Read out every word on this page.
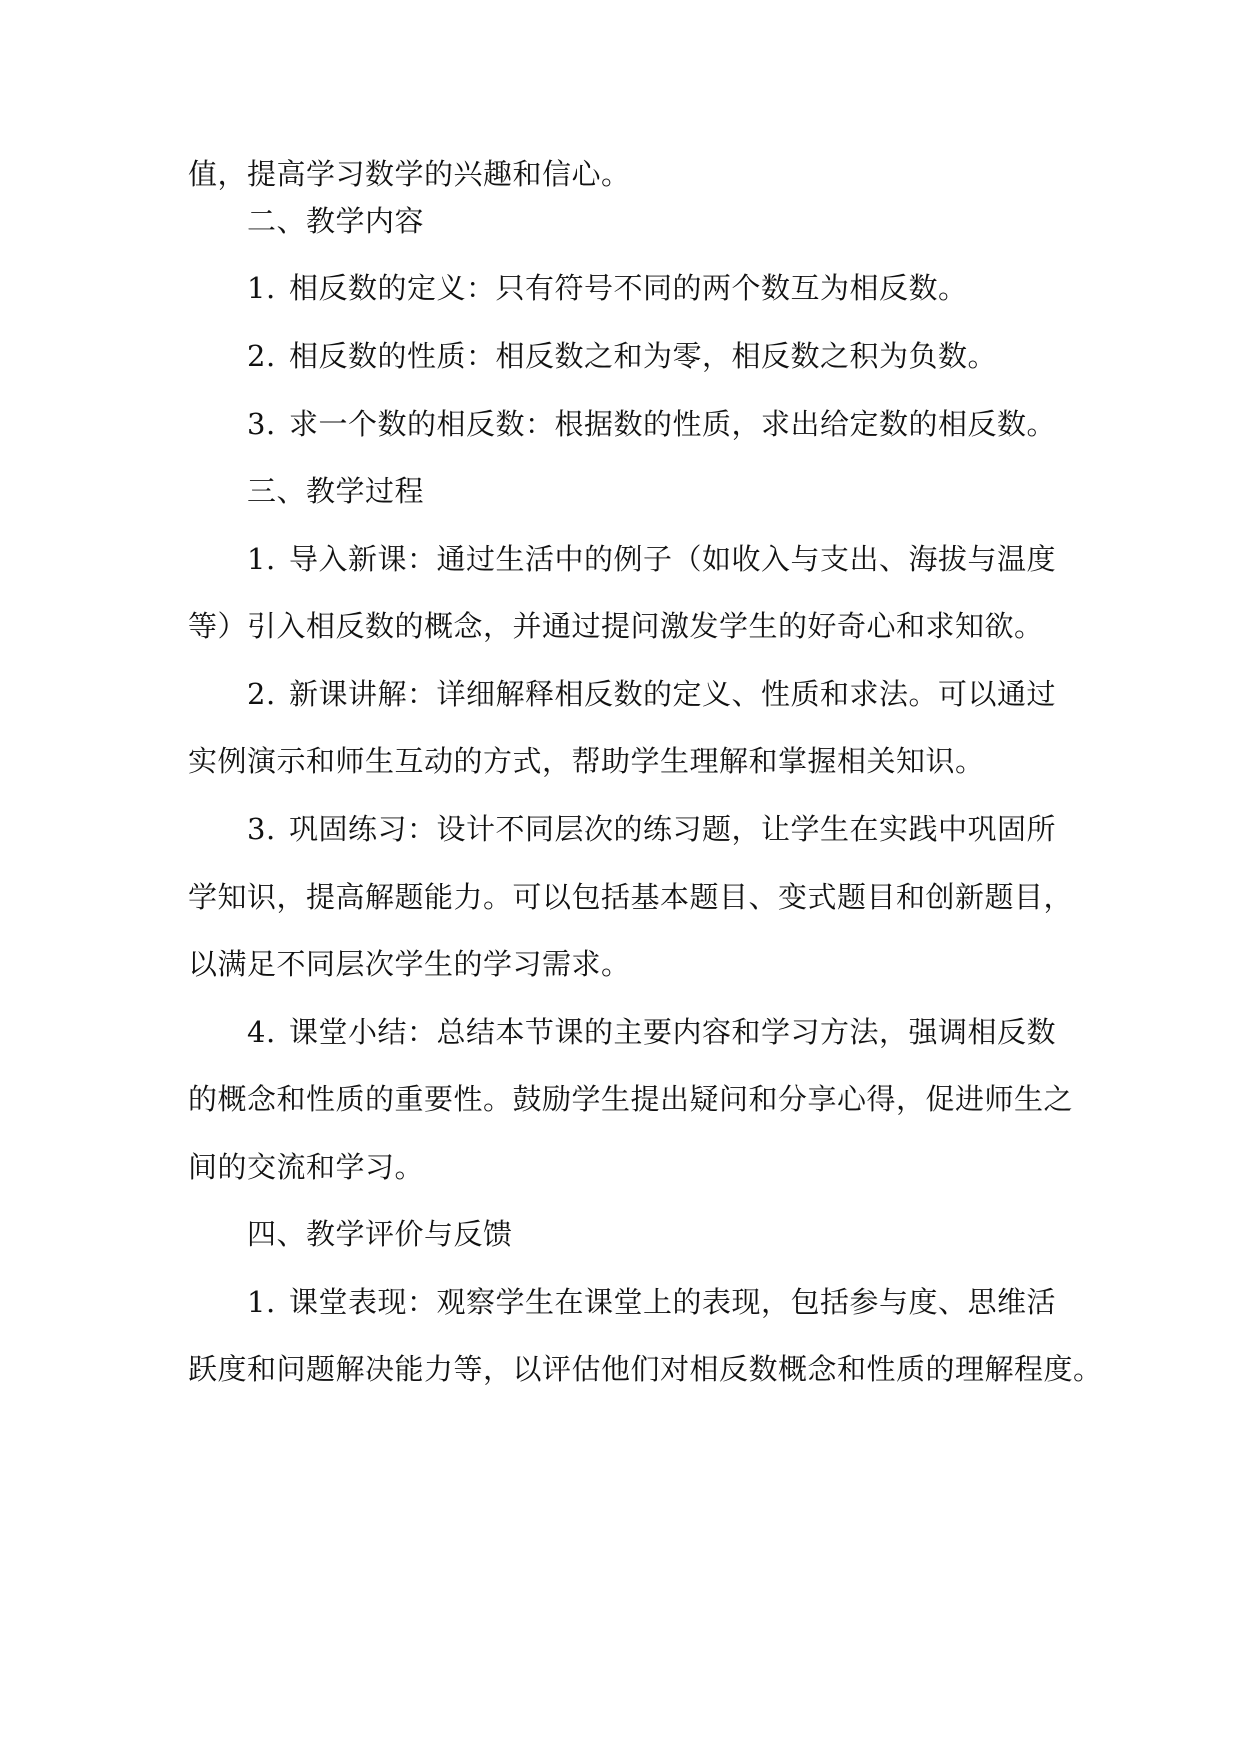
值，提高学习数学的兴趣和信心。
二、教学内容
1. 相反数的定义：只有符号不同的两个数互为相反数。
2. 相反数的性质：相反数之和为零，相反数之积为负数。
3. 求一个数的相反数：根据数的性质，求出给定数的相反数。
三、教学过程
1. 导入新课：通过生活中的例子（如收入与支出、海拔与温度
等）引入相反数的概念，并通过提问激发学生的好奇心和求知欲。
2. 新课讲解：详细解释相反数的定义、性质和求法。可以通过
实例演示和师生互动的方式，帮助学生理解和掌握相关知识。
3. 巩固练习：设计不同层次的练习题，让学生在实践中巩固所
学知识，提高解题能力。可以包括基本题目、变式题目和创新题目，
以满足不同层次学生的学习需求。
4. 课堂小结：总结本节课的主要内容和学习方法，强调相反数
的概念和性质的重要性。鼓励学生提出疑问和分享心得，促进师生之
间的交流和学习。
四、教学评价与反馈
1. 课堂表现：观察学生在课堂上的表现，包括参与度、思维活
跃度和问题解决能力等，以评估他们对相反数概念和性质的理解程度。
